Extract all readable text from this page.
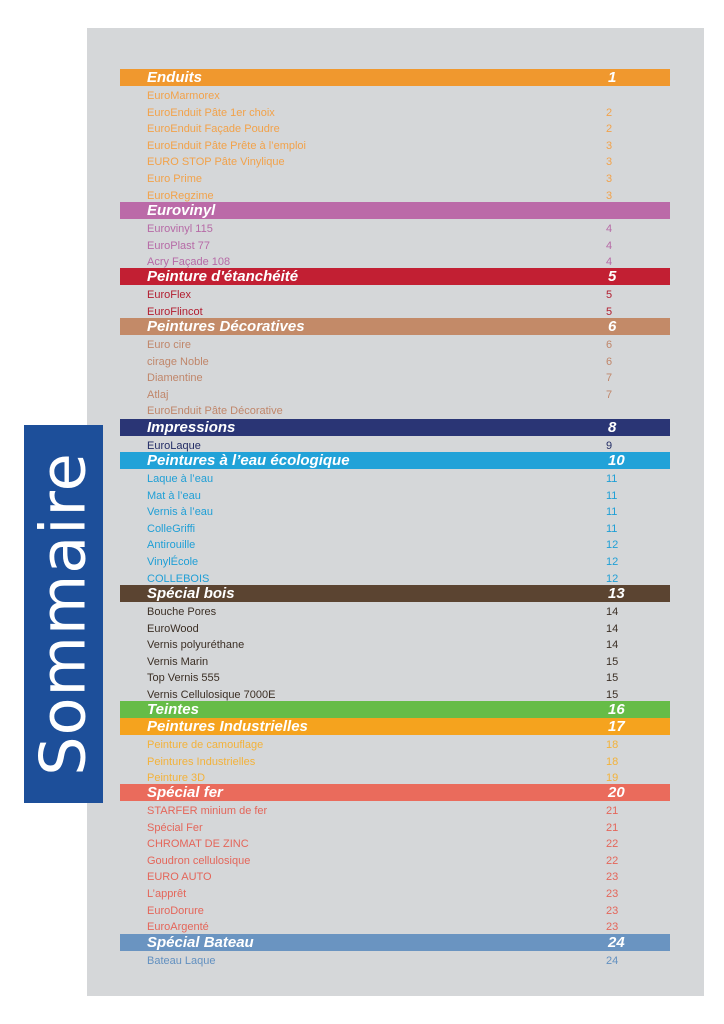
Sommaire
Enduits	1
EuroMarmorex
EuroEnduit Pâte 1er choix	2
EuroEnduit Façade Poudre	2
EuroEnduit Pâte Prête à l’emploi	3
EURO STOP Pâte Vinylique	3
Euro Prime	3
EuroRegzime	3
Eurovinyl
Eurovinyl 115	4
EuroPlast 77	4
Acry Façade 108	4
Peinture d'étanchéité	5
EuroFlex	5
EuroFlincot	5
Peintures Décoratives	6
Euro cire	6
cirage Noble	6
Diamentine	7
Atlaj	7
EuroEnduit Pâte Décorative
Impressions	8
EuroLaque	9
Peintures à l’eau écologique	10
Laque à l’eau	11
Mat à l’eau	11
Vernis à l’eau	11
ColleGriffi	11
Antirouille	12
VinylÉcole	12
COLLEBOIS	12
Spécial bois	13
Bouche Pores	14
EuroWood	14
Vernis polyuréthane	14
Vernis Marin	15
Top Vernis 555	15
Vernis Cellulosique 7000E	15
Teintes	16
Peintures Industrielles	17
Peinture de camouflage	18
Peintures Industrielles	18
Peinture 3D	19
Spécial fer	20
STARFER minium de fer	21
Spécial Fer	21
CHROMAT DE ZINC	22
Goudron cellulosique	22
EURO AUTO	23
L’apprêt	23
EuroDorure	23
EuroArgenté	23
Spécial Bateau	24
Bateau Laque	24
